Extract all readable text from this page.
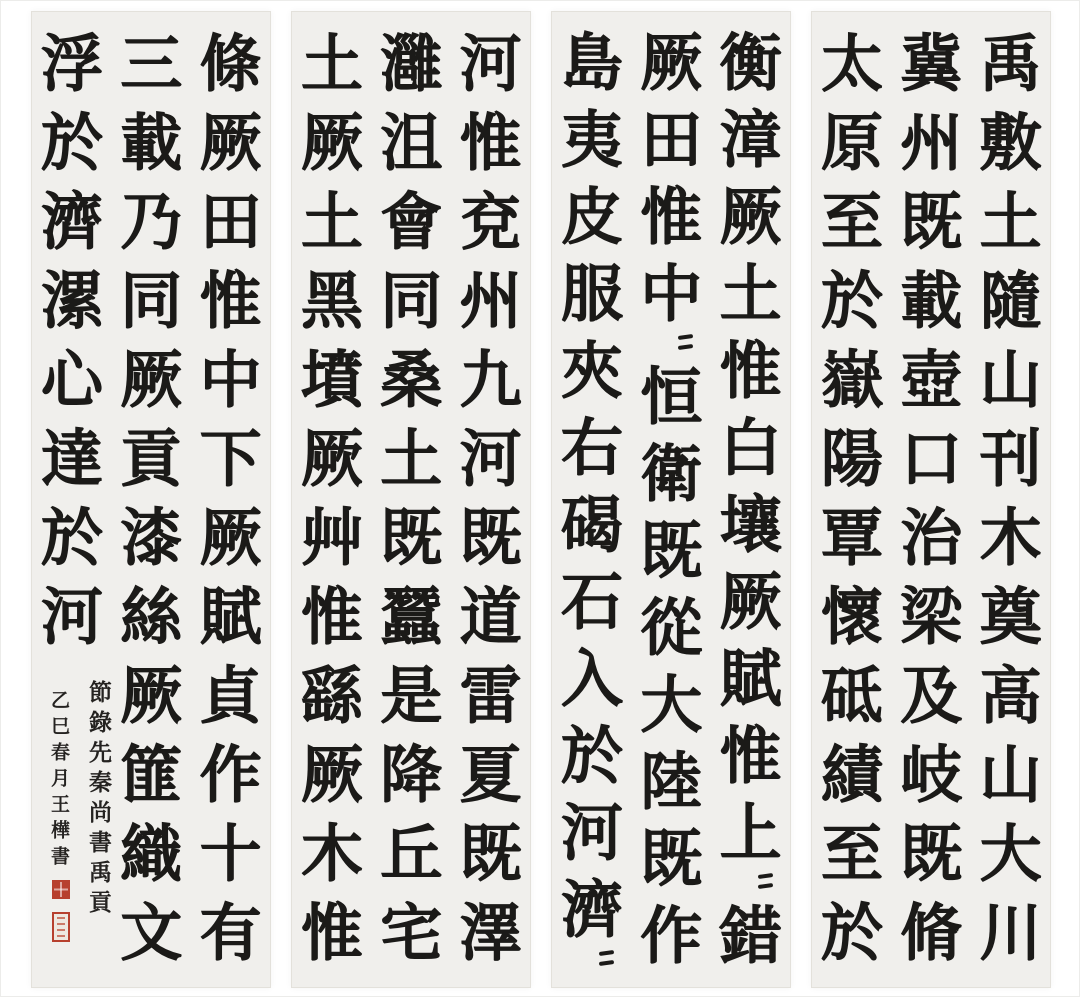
條
厥
田
惟
中
下
厥
賦
貞
作
十
有
三
載
乃
同
厥
貢
漆
絲
厥
篚
織
文
浮
於
濟
漯
心
達
於
河
節錄先秦尚書禹貢
乙巳春月王樺書
河
惟
兗
州
九
河
既
道
雷
夏
既
澤
灉
沮
會
同
桑
土
既
蠶
是
降
丘
宅
土
厥
土
黑
墳
厥
艸
惟
繇
厥
木
惟
衡
漳
厥
土
惟
白
壤
厥
賦
惟
上
錯
厥
田
惟
中
恒
衛
既
從
大
陸
既
作
島
夷
皮
服
夾
右
碣
石
入
於
河
濟
禹
敷
土
隨
山
刊
木
奠
高
山
大
川
冀
州
既
載
壺
口
治
梁
及
岐
既
脩
太
原
至
於
嶽
陽
覃
懷
砥
績
至
於
